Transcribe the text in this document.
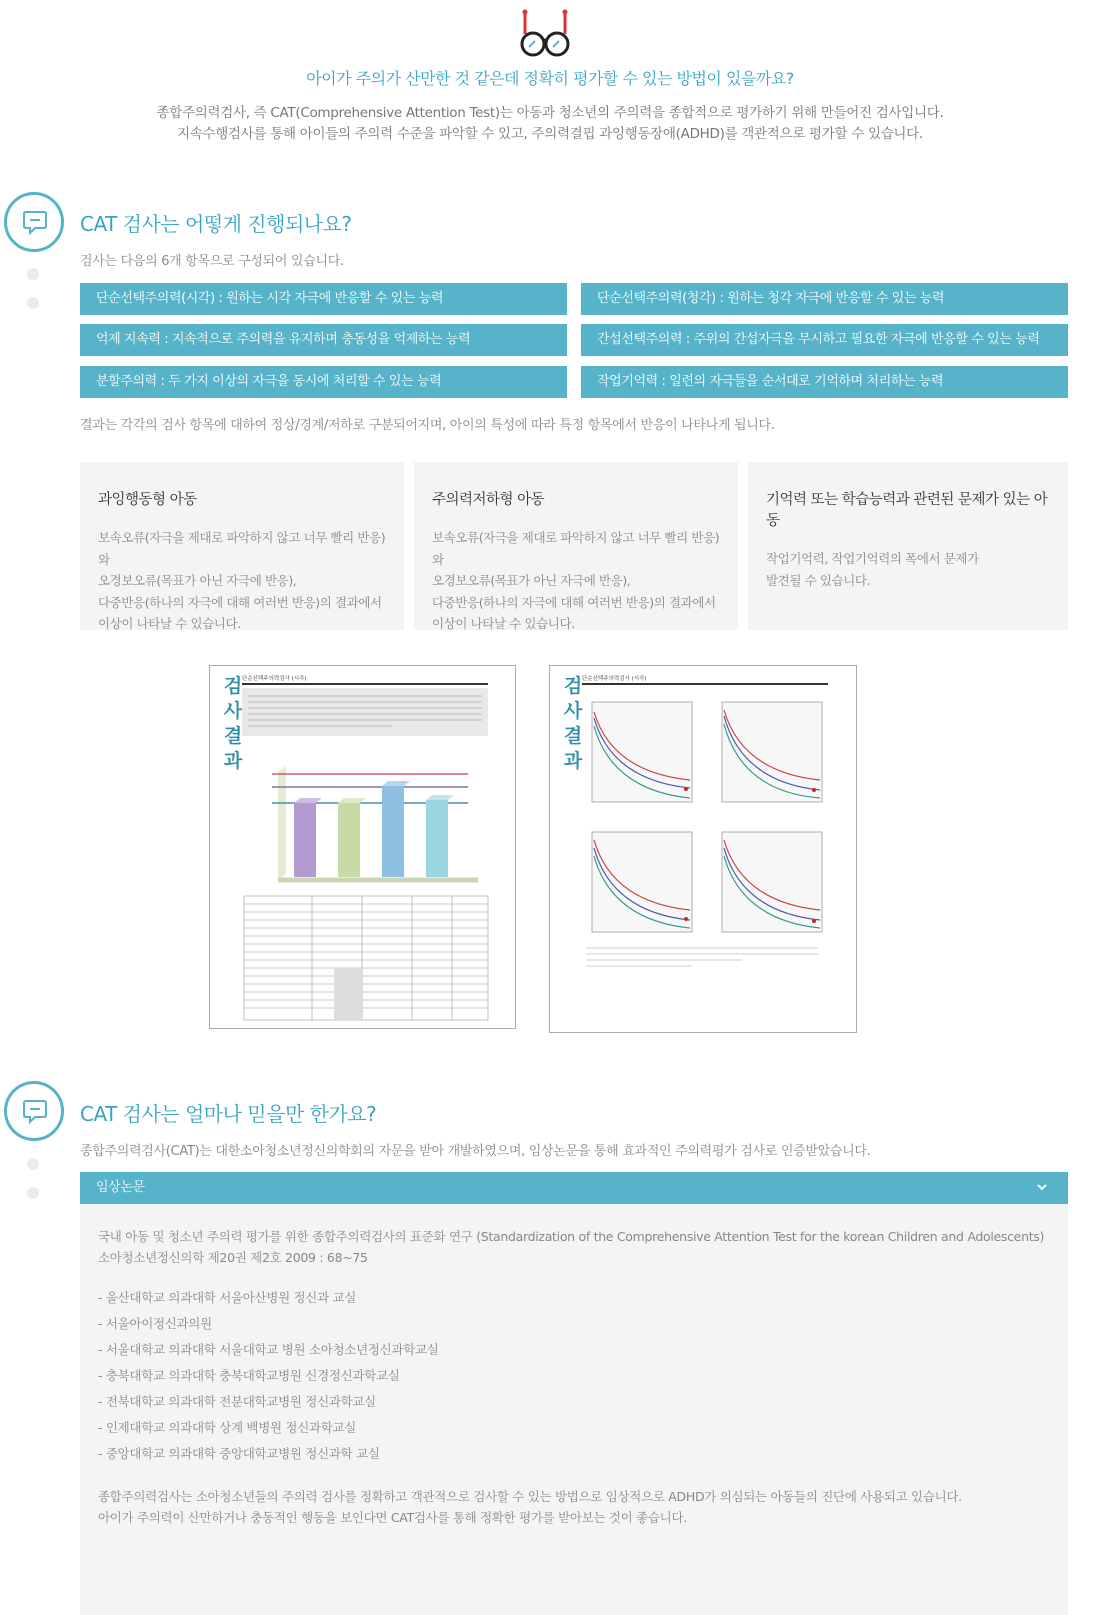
아이가 주의가 산만한 것 같은데 정확히 평가할 수 있는 방법이 있을까요?
종합주의력검사, 즉 CAT(Comprehensive Attention Test)는 아동과 청소년의 주의력을 종합적으로 평가하기 위해 만들어진 검사입니다.
지속수행검사를 통해 아이들의 주의력 수준을 파악할 수 있고, 주의력결핍 과잉행동장애(ADHD)를 객관적으로 평가할 수 있습니다.
CAT 검사는 어떻게 진행되나요?
검사는 다음의 6개 항목으로 구성되어 있습니다.
단순선택주의력(시각) : 원하는 시각 자극에 반응할 수 있는 능력	단순선택주의력(청각) : 원하는 청각 자극에 반응할 수 있는 능력
억제 지속력 : 지속적으로 주의력을 유지하며 충동성을 억제하는 능력	간섭선택주의력 : 주위의 간섭자극을 무시하고 필요한 자극에 반응할 수 있는 능력
분할주의력 : 두 가지 이상의 자극을 동시에 처리할 수 있는 능력	작업기억력 : 일련의 자극들을 순서대로 기억하며 처리하는 능력
결과는 각각의 검사 항목에 대하여 정상/경계/저하로 구분되어지며, 아이의 특성에 따라 특정 항목에서 반응이 나타나게 됩니다.
과잉행동형 아동

보속오류(자극을 제대로 파악하지 않고 너무 빨리 반응)와
오경보오류(목표가 아닌 자극에 반응),
다중반응(하나의 자극에 대해 여러번 반응)의 결과에서
이상이 나타날 수 있습니다.

주의력저하형 아동

보속오류(자극을 제대로 파악하지 않고 너무 빨리 반응)와
오경보오류(목표가 아닌 자극에 반응),
다중반응(하나의 자극에 대해 여러번 반응)의 결과에서
이상이 나타날 수 있습니다.

기억력 또는 학습능력과 관련된 문제가 있는 아동

작업기억력, 작업기억력의 폭에서 문제가
발견될 수 있습니다.

검
사
결
과
단순선택주의력검사 (시각)	검
사
결
과
단순선택주의력검사 (시각)
CAT 검사는 얼마나 믿을만 한가요?
종합주의력검사(CAT)는 대한소아청소년정신의학회의 자문을 받아 개발하였으며, 임상논문을 통해 효과적인 주의력평가 검사로 인증받았습니다.
임상논문
국내 아동 및 청소년 주의력 평가를 위한 종합주의력검사의 표준화 연구 (Standardization of the Comprehensive Attention Test for the korean Children and Adolescents)
소아청소년정신의학 제20권 제2호 2009 : 68~75
- 울산대학교 의과대학 서울아산병원 정신과 교실
- 서울아이정신과의원
- 서울대학교 의과대학 서울대학교 병원 소아청소년정신과학교실
- 충북대학교 의과대학 충북대학교병원 신경정신과학교실
- 전북대학교 의과대학 전분대학교병원 정신과학교실
- 인제대학교 의과대학 상계 백병원 정신과학교실
- 중앙대학교 의과대학 중앙대학교병원 정신과학 교실
종합주의력검사는 소아청소년들의 주의력 검사를 정확하고 객관적으로 검사할 수 있는 방법으로 임상적으로 ADHD가 의심되는 아동들의 진단에 사용되고 있습니다.
아이가 주의력이 산만하거나 충동적인 행동을 보인다면 CAT검사를 통해 정확한 평가를 받아보는 것이 좋습니다.
